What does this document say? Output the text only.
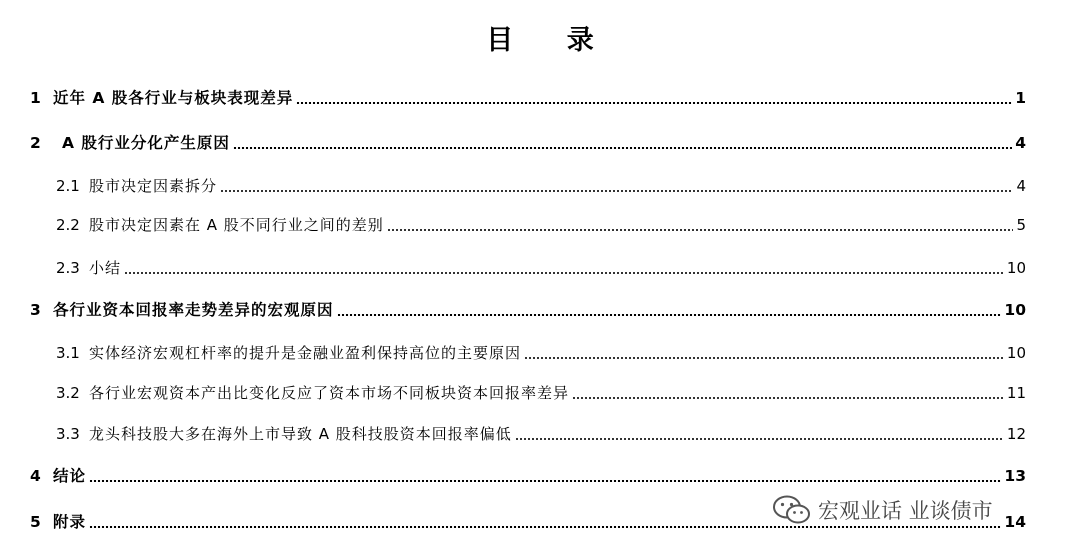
目 录
1 近年 A 股各行业与板块表现差异	1
2	A 股行业分化产生原因	4
2.1 股市决定因素拆分	4
2.2 股市决定因素在 A 股不同行业之间的差别	5
2.3 小结	10
3 各行业资本回报率走势差异的宏观原因	10
3.1 实体经济宏观杠杆率的提升是金融业盈利保持高位的主要原因	10
3.2 各行业宏观资本产出比变化反应了资本市场不同板块资本回报率差异	11
3.3 龙头科技股大多在海外上市导致 A 股科技股资本回报率偏低	12
4 结论	13
5 附录	14
宏观业话 业谈债市
